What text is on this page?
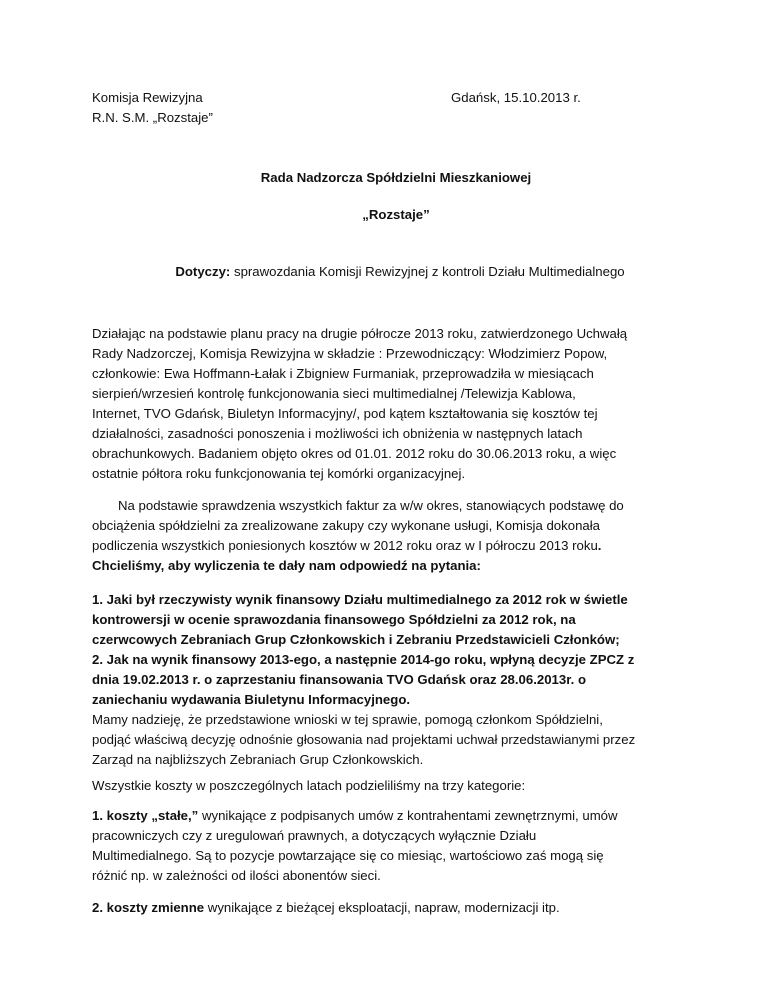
Komisja Rewizyjna
R.N. S.M. „Rozstaje”
Gdańsk, 15.10.2013 r.
Rada Nadzorcza Spółdzielni Mieszkaniowej
„Rozstaje”
Dotyczy: sprawozdania Komisji Rewizyjnej z kontroli Działu Multimedialnego
Działając na podstawie planu pracy na drugie półrocze 2013 roku, zatwierdzonego Uchwałą
Rady Nadzorczej, Komisja Rewizyjna w składzie : Przewodniczący: Włodzimierz Popow,
członkowie: Ewa Hoffmann-Łałak i Zbigniew Furmaniak, przeprowadziła w miesiącach
sierpień/wrzesień kontrolę funkcjonowania sieci multimedialnej /Telewizja Kablowa,
Internet, TVO Gdańsk, Biuletyn Informacyjny/, pod kątem kształtowania się kosztów tej
działalności, zasadności ponoszenia i możliwości ich obniżenia w następnych latach
obrachunkowych. Badaniem objęto okres od 01.01. 2012 roku do 30.06.2013 roku, a więc
ostatnie półtora roku funkcjonowania tej komórki organizacyjnej.
Na podstawie sprawdzenia wszystkich faktur za w/w okres, stanowiących podstawę do
obciążenia spółdzielni za zrealizowane zakupy czy wykonane usługi, Komisja dokonała
podliczenia wszystkich poniesionych kosztów w 2012 roku oraz w I półroczu 2013 roku.
Chcieliśmy, aby wyliczenia te dały nam odpowiedź na pytania:
1. Jaki był rzeczywisty wynik finansowy Działu multimedialnego za 2012 rok w świetle
kontrowersji w ocenie sprawozdania finansowego Spółdzielni za 2012 rok, na
czerwcowych Zebraniach Grup Członkowskich i Zebraniu Przedstawicieli Członków;
2. Jak na wynik finansowy 2013-ego, a następnie 2014-go roku, wpłyną decyzje ZPCZ z
dnia 19.02.2013 r. o zaprzestaniu finansowania TVO Gdańsk oraz 28.06.2013r. o
zaniechaniu wydawania Biuletynu Informacyjnego.
Mamy nadzieję, że przedstawione wnioski w tej sprawie, pomogą członkom Spółdzielni,
podjąć właściwą decyzję odnośnie głosowania nad projektami uchwał przedstawianymi przez
Zarząd na najbliższych Zebraniach Grup Członkowskich.
Wszystkie koszty w poszczególnych latach podzieliliśmy na trzy kategorie:
1. koszty „stałe,” wynikające z podpisanych umów z kontrahentami zewnętrznymi, umów
pracowniczych czy z uregulowań prawnych, a dotyczących wyłącznie Działu
Multimedialnego. Są to pozycje powtarzające się co miesiąc, wartościowo zaś mogą się
różnić np. w zależności od ilości abonentów sieci.
2. koszty zmienne wynikające z bieżącej eksploatacji, napraw, modernizacji itp.
